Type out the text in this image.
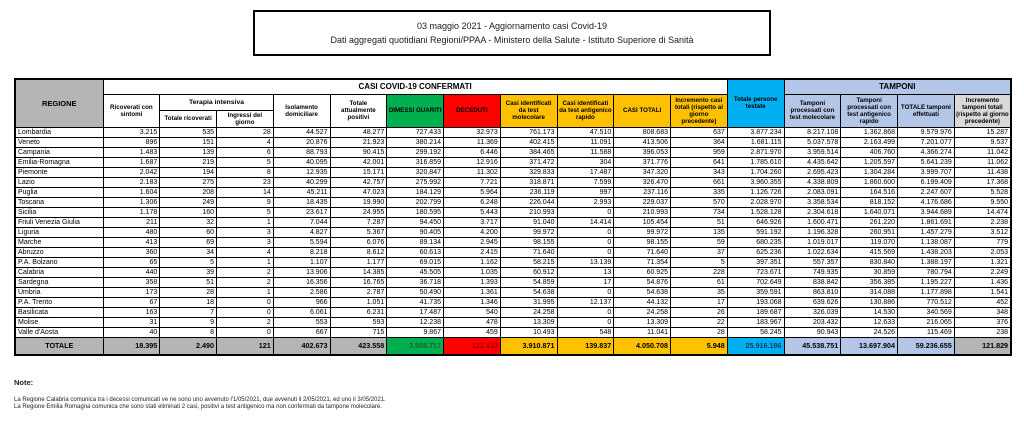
03 maggio 2021 - Aggiornamento casi Covid-19
Dati aggregati quotidiani Regioni/PPAA - Ministero della Salute - Istituto Superiore di Sanità
REGIONE	CASI COVID-19 CONFERMATI											Totale persone testate	TAMPONI			
	Ricoverati con sintomi	Terapia intensiva		Isolamento domiciliare	Totale attualmente positivi	DIMESSI GUARITI	DECEDUTI	Casi identificati da test molecolare	Casi identificati da test antigenico rapido	CASI TOTALI	Incremento casi totali (rispetto al giorno precedente)		Tamponi processati con test molecolare	Tamponi processati con test antigenico rapido	TOTALE tamponi effettuati	Incremento tamponi totali (rispetto al giorno precedente)
		Totale ricoverati	Ingressi del giorno													
Lombardia	3.215	535	28	44.527	48.277	727.433	32.973	761.173	47.510	808.683	637	3.877.234	8.217.108	1.362.868	9.579.976	15.287
Veneto	896	151	4	20.876	21.923	380.214	11.369	402.415	11.091	413.506	364	1.681.115	5.037.578	2.163.499	7.201.077	9.537
Campania	1.483	139	6	88.793	90.415	299.192	6.446	384.465	11.588	396.053	959	2.871.970	3.959.514	406.760	4.366.274	11.042
Emilia-Romagna	1.687	219	5	40.095	42.001	316.859	12.916	371.472	304	371.776	641	1.785.610	4.435.642	1.205.597	5.641.239	11.062
Piemonte	2.042	194	8	12.935	15.171	320.847	11.302	329.833	17.487	347.320	343	1.704.260	2.695.423	1.304.284	3.999.707	11.438
Lazio	2.183	275	23	40.299	42.757	275.992	7.721	318.871	7.599	326.470	661	3.960.355	4.338.809	1.860.600	6.199.409	17.368
Puglia	1.604	208	14	45.211	47.023	184.129	5.964	236.119	997	237.116	335	1.126.726	2.083.091	164.516	2.247.607	5.528
Toscana	1.306	249	9	18.435	19.990	202.799	6.248	226.044	2.993	229.037	570	2.028.970	3.358.534	818.152	4.176.686	9.550
Sicilia	1.178	160	5	23.617	24.955	180.595	5.443	210.993	0	210.993	734	1.528.128	2.304.618	1.640.071	3.944.689	14.474
Friuli Venezia Giulia	211	32	1	7.044	7.287	94.450	3.717	91.040	14.414	105.454	51	646.926	1.600.471	261.220	1.861.691	2.238
Liguria	480	60	3	4.827	5.367	90.405	4.200	99.972	0	99.972	135	591.192	1.196.328	260.951	1.457.279	3.512
Marche	413	69	3	5.594	6.076	89.134	2.945	98.155	0	98.155	59	680.235	1.019.017	119.070	1.138.087	779
Abruzzo	360	34	4	8.218	8.612	60.613	2.415	71.640	0	71.640	37	625.236	1.022.634	415.569	1.438.203	2.053
P.A. Bolzano	65	5	1	1.107	1.177	69.015	1.162	58.215	13.139	71.354	5	397.351	557.357	830.840	1.388.197	1.321
Calabria	440	39	2	13.906	14.385	45.505	1.035	60.912	13	60.925	228	723.671	749.935	30.859	780.794	2.249
Sardegna	358	51	2	16.356	16.765	36.718	1.393	54.859	17	54.876	61	702.649	838.842	356.385	1.195.227	1.436
Umbria	173	28	1	2.586	2.787	50.490	1.361	54.638	0	54.638	35	359.591	863.810	314.088	1.177.898	1.541
P.A. Trento	67	18	0	966	1.051	41.735	1.346	31.995	12.137	44.132	17	193.068	639.626	130.886	770.512	452
Basilicata	163	7	0	6.061	6.231	17.487	540	24.258	0	24.258	26	189.687	326.039	14.530	340.569	348
Molise	31	9	2	553	593	12.238	478	13.309	0	13.309	22	183.967	203.432	12.633	216.065	376
Valle d'Aosta	40	8	0	667	715	9.867	459	10.493	548	11.041	28	58.245	90.943	24.526	115.469	238
TOTALE	18.395	2.490	121	402.673	423.558	3.505.717	121.433	3.910.871	139.837	4.050.708	5.948	25.916.186	45.538.751	13.697.904	59.236.655	121.829
Note:
La Regione Calabria comunica tra i decessi comunicati ve ne sono uno avvenuto l'1/05/2021, due avvenuti il 2/05/2021, ed uno il 3/05/2021.
La Regione Emilia Romagna comunica che sono stati eliminati 2 casi, positivi a test antigenico ma non confermati da tampone molecolare.
